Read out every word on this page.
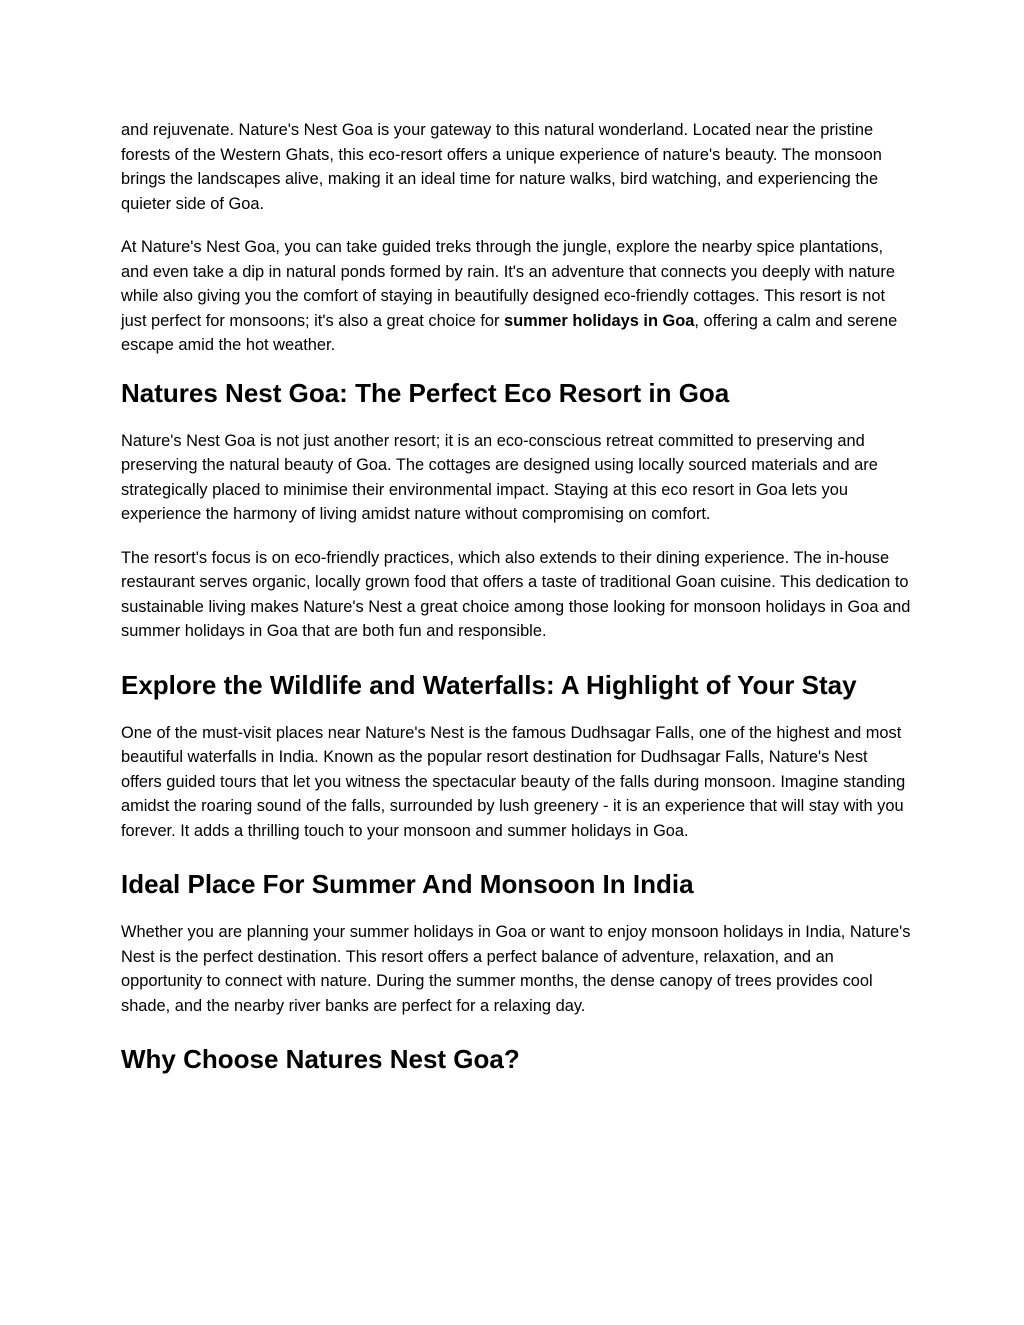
and rejuvenate. Nature's Nest Goa is your gateway to this natural wonderland. Located near the pristine forests of the Western Ghats, this eco-resort offers a unique experience of nature's beauty. The monsoon brings the landscapes alive, making it an ideal time for nature walks, bird watching, and experiencing the quieter side of Goa.

At Nature's Nest Goa, you can take guided treks through the jungle, explore the nearby spice plantations, and even take a dip in natural ponds formed by rain. It's an adventure that connects you deeply with nature while also giving you the comfort of staying in beautifully designed eco-friendly cottages. This resort is not just perfect for monsoons; it's also a great choice for summer holidays in Goa, offering a calm and serene escape amid the hot weather.

Natures Nest Goa: The Perfect Eco Resort in Goa

Nature's Nest Goa is not just another resort; it is an eco-conscious retreat committed to preserving and preserving the natural beauty of Goa. The cottages are designed using locally sourced materials and are strategically placed to minimise their environmental impact. Staying at this eco resort in Goa lets you experience the harmony of living amidst nature without compromising on comfort.

The resort's focus is on eco-friendly practices, which also extends to their dining experience. The in-house restaurant serves organic, locally grown food that offers a taste of traditional Goan cuisine. This dedication to sustainable living makes Nature's Nest a great choice among those looking for monsoon holidays in Goa and summer holidays in Goa that are both fun and responsible.

Explore the Wildlife and Waterfalls: A Highlight of Your Stay

One of the must-visit places near Nature's Nest is the famous Dudhsagar Falls, one of the highest and most beautiful waterfalls in India. Known as the popular resort destination for Dudhsagar Falls, Nature's Nest offers guided tours that let you witness the spectacular beauty of the falls during monsoon. Imagine standing amidst the roaring sound of the falls, surrounded by lush greenery - it is an experience that will stay with you forever. It adds a thrilling touch to your monsoon and summer holidays in Goa.

Ideal Place For Summer And Monsoon In India

Whether you are planning your summer holidays in Goa or want to enjoy monsoon holidays in India, Nature's Nest is the perfect destination. This resort offers a perfect balance of adventure, relaxation, and an opportunity to connect with nature. During the summer months, the dense canopy of trees provides cool shade, and the nearby river banks are perfect for a relaxing day.

Why Choose Natures Nest Goa?
